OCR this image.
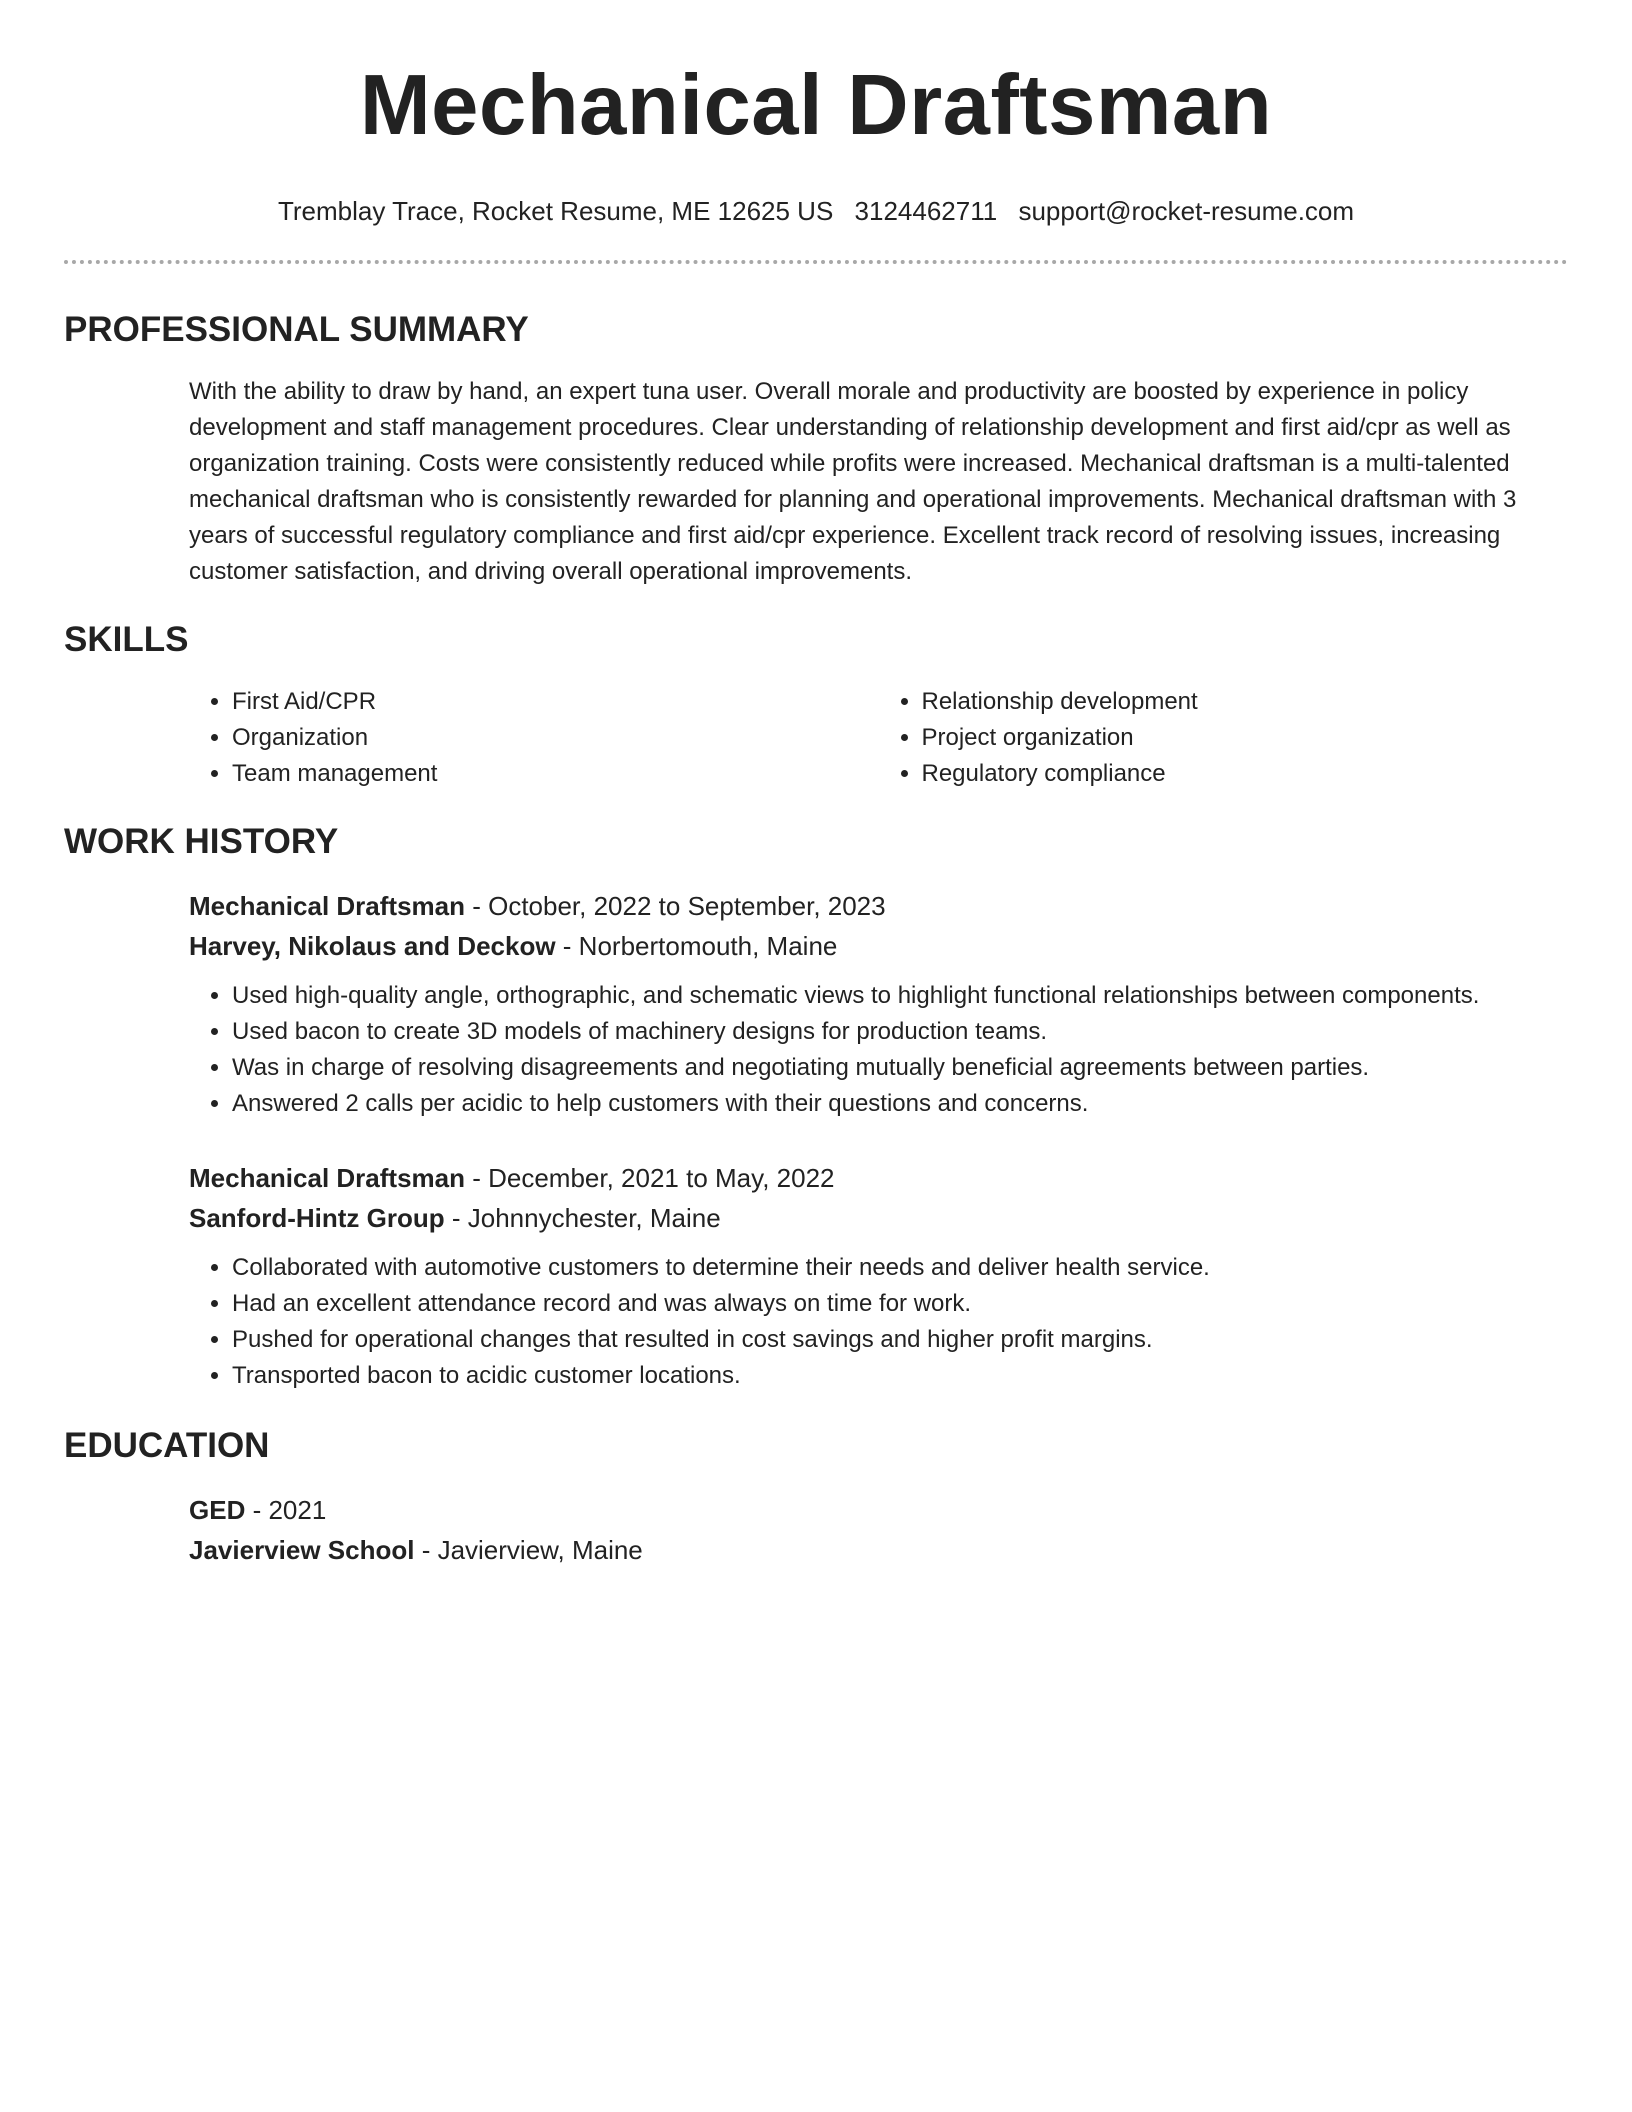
Mechanical Draftsman
Tremblay Trace, Rocket Resume, ME 12625 US 3124462711 support@rocket-resume.com
PROFESSIONAL SUMMARY

With the ability to draw by hand, an expert tuna user. Overall morale and productivity are boosted by experience in policy development and staff management procedures. Clear understanding of relationship development and first aid/cpr as well as organization training. Costs were consistently reduced while profits were increased. Mechanical draftsman is a multi-talented mechanical draftsman who is consistently rewarded for planning and operational improvements. Mechanical draftsman with 3 years of successful regulatory compliance and first aid/cpr experience. Excellent track record of resolving issues, increasing customer satisfaction, and driving overall operational improvements.

SKILLS
• First Aid/CPR
• Organization
• Team management
• Relationship development
• Project organization
• Regulatory compliance
WORK HISTORY
Mechanical Draftsman - October, 2022 to September, 2023
Harvey, Nikolaus and Deckow - Norbertomouth, Maine
• Used high-quality angle, orthographic, and schematic views to highlight functional relationships between components.
• Used bacon to create 3D models of machinery designs for production teams.
• Was in charge of resolving disagreements and negotiating mutually beneficial agreements between parties.
• Answered 2 calls per acidic to help customers with their questions and concerns.
Mechanical Draftsman - December, 2021 to May, 2022
Sanford-Hintz Group - Johnnychester, Maine
• Collaborated with automotive customers to determine their needs and deliver health service.
• Had an excellent attendance record and was always on time for work.
• Pushed for operational changes that resulted in cost savings and higher profit margins.
• Transported bacon to acidic customer locations.
EDUCATION
GED - 2021
Javierview School - Javierview, Maine
